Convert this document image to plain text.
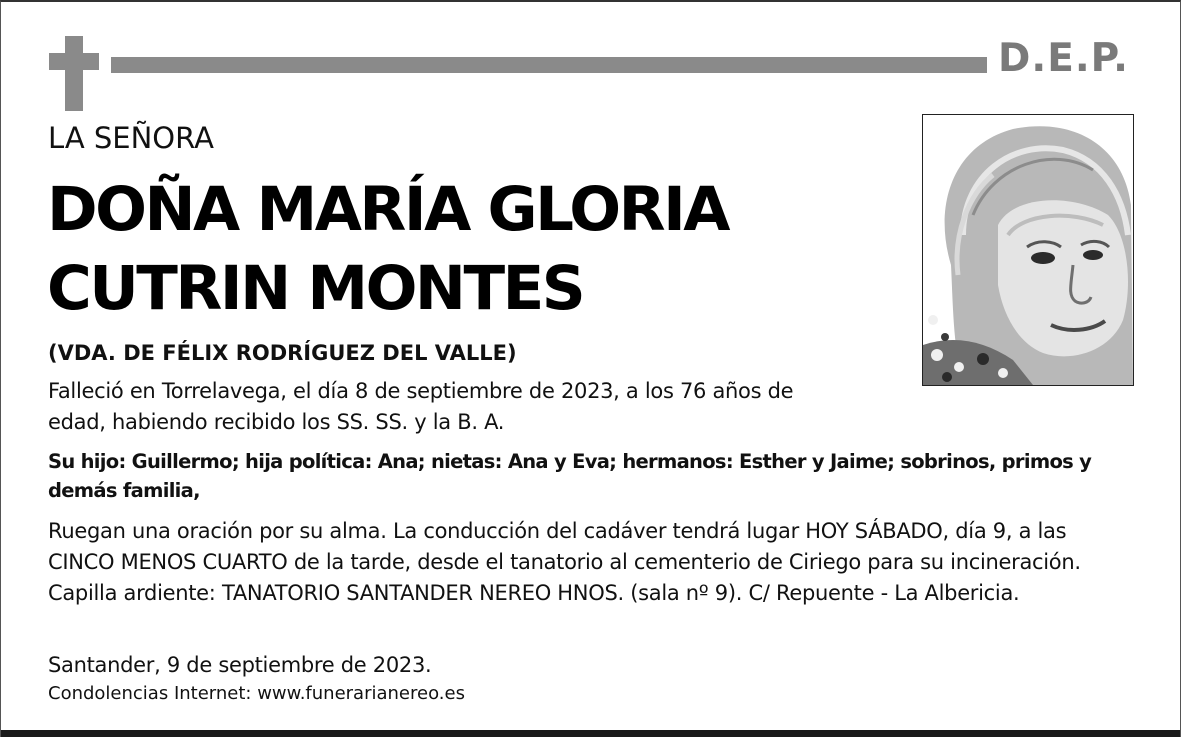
D.E.P.
LA SEÑORA
DOÑA MARÍA GLORIA
CUTRIN MONTES
(VDA. DE FÉLIX RODRÍGUEZ DEL VALLE)
Falleció en Torrelavega, el día 8 de septiembre de 2023, a los 76 años de edad, habiendo recibido los SS. SS. y la B. A.
Su hijo: Guillermo; hija política: Ana; nietas: Ana y Eva; hermanos: Esther y Jaime; sobrinos, primos y demás familia,
Ruegan una oración por su alma. La conducción del cadáver tendrá lugar HOY SÁBADO, día 9, a las CINCO MENOS CUARTO de la tarde, desde el tanatorio al cementerio de Ciriego para su incineración. Capilla ardiente: TANATORIO SANTANDER NEREO HNOS. (sala nº 9). C/ Repuente - La Albericia.
Santander, 9 de septiembre de 2023.
Condolencias Internet: www.funerarianereo.es
